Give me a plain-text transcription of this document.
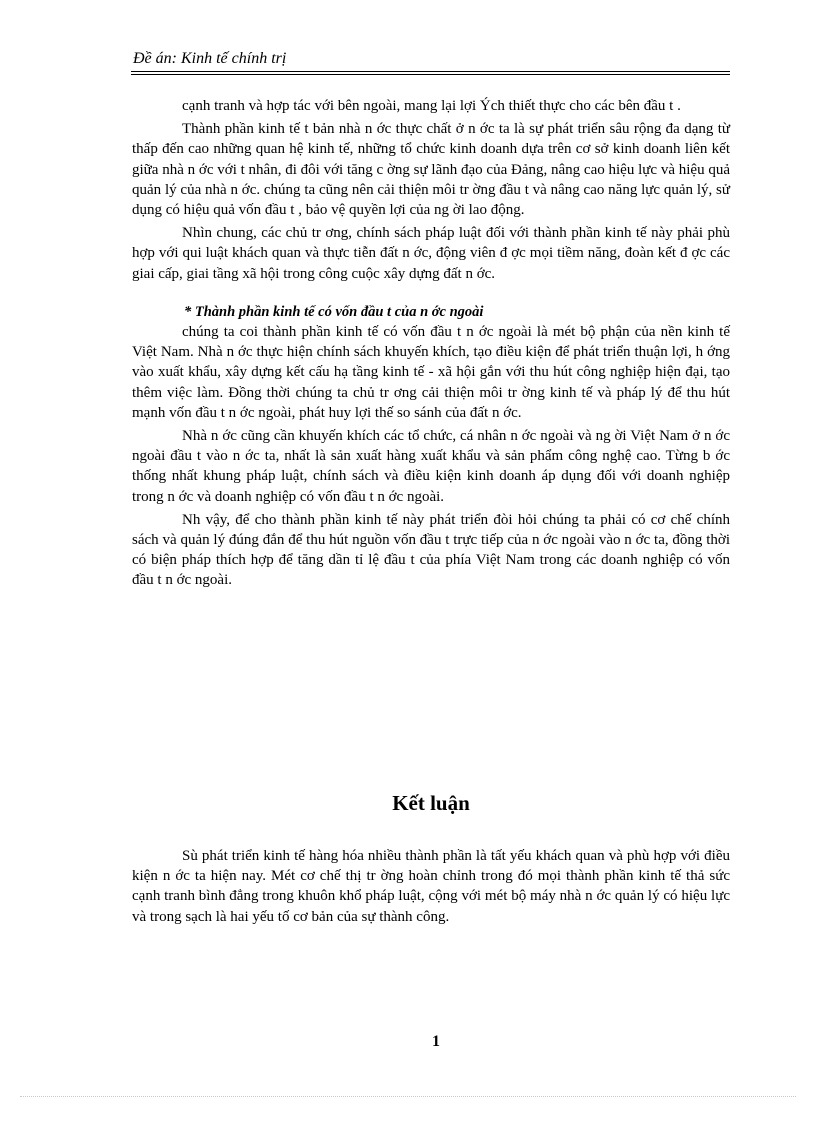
Đề án: Kinh tế chính trị

cạnh tranh và hợp tác với bên ngoài, mang lại lợi Ých thiết thực cho các bên đầu t .

Thành phần kinh tế t bản nhà n ớc thực chất ở n ớc ta là sự phát triển sâu rộng đa dạng từ thấp đến cao những quan hệ kinh tế, những tổ chức kinh doanh dựa trên cơ sở kinh doanh liên kết giữa nhà n ớc với t nhân, đi đôi với tăng c ờng sự lãnh đạo của Đảng, nâng cao hiệu lực và hiệu quả quản lý của nhà n ớc. chúng ta cũng nên cải thiện môi tr ờng đầu t và nâng cao năng lực quản lý, sử dụng có hiệu quả vốn đầu t , bảo vệ quyền lợi của ng ời lao động.

Nhìn chung, các chủ tr ơng, chính sách pháp luật đối với thành phần kinh tế này phải phù hợp với qui luật khách quan và thực tiễn đất n ớc, động viên đ ợc mọi tiềm năng, đoàn kết đ ợc các giai cấp, giai tầng xã hội trong công cuộc xây dựng đất n ớc.

* Thành phần kinh tế có vốn đầu t của n ớc ngoài

chúng ta coi thành phần kinh tế có vốn đầu t n ớc ngoài là mét bộ phận của nền kinh tế Việt Nam. Nhà n ớc thực hiện chính sách khuyến khích, tạo điều kiện để phát triển thuận lợi, h ớng vào xuất khẩu, xây dựng kết cấu hạ tầng kinh tế - xã hội gắn với thu hút công nghiệp hiện đại, tạo thêm việc làm. Đồng thời chúng ta chủ tr ơng cải thiện môi tr ờng kinh tế và pháp lý để thu hút mạnh vốn đầu t n ớc ngoài, phát huy lợi thế so sánh của đất n ớc.

Nhà n ớc cũng cần khuyến khích các tổ chức, cá nhân n ớc ngoài và ng ời Việt Nam ở n ớc ngoài đầu t vào n ớc ta, nhất là sản xuất hàng xuất khẩu và sản phẩm công nghệ cao. Từng b ớc thống nhất khung pháp luật, chính sách và điều kiện kinh doanh áp dụng đối với doanh nghiệp trong n ớc và doanh nghiệp có vốn đầu t n ớc ngoài.

Nh vậy, để cho thành phần kinh tế này phát triển đòi hỏi chúng ta phải có cơ chế chính sách và quản lý đúng đắn để thu hút nguồn vốn đầu t trực tiếp của n ớc ngoài vào n ớc ta, đồng thời có biện pháp thích hợp để tăng dần tỉ lệ đầu t của phía Việt Nam trong các doanh nghiệp có vốn đầu t n ớc ngoài.

Kết luận

Sù phát triển kinh tế hàng hóa nhiều thành phần là tất yếu khách quan và phù hợp với điều kiện n ớc ta hiện nay. Mét cơ chế thị tr ờng hoàn chỉnh trong đó mọi thành phần kinh tế thả sức cạnh tranh bình đẳng trong khuôn khổ pháp luật, cộng với mét bộ máy nhà n ớc quản lý có hiệu lực và trong sạch là hai yếu tố cơ bản của sự thành công.

1
